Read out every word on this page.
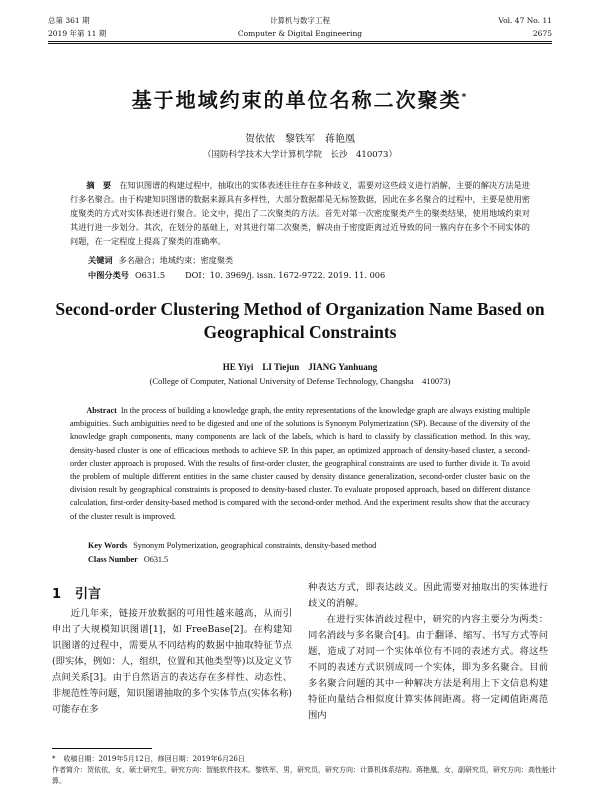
总第 361 期	计算机与数字工程	Vol. 47 No. 11
2019 年第 11 期	Computer & Digital Engineering	2675
基于地域约束的单位名称二次聚类*
贺依依　黎铁军　蒋艳凰
（国防科学技术大学计算机学院　长沙　410073）
摘　要　 在知识图谱的构建过程中，抽取出的实体表述往往存在多种歧义，需要对这些歧义进行消解，主要的解决方法是进行多名聚合。由于构建知识图谱的数据来源具有多样性，大部分数据都是无标签数据，因此在多名聚合的过程中，主要是使用密度聚类的方式对实体表述进行聚合。论文中，提出了二次聚类的方法。首先对第一次密度聚类产生的聚类结果，使用地域约束对其进行进一步划分。其次，在划分的基础上，对其进行第二次聚类，解决由于密度距离过近导致的同一簇内存在多个不同实体的问题，在一定程度上提高了聚类的准确率。
关键词 多名融合；地域约束；密度聚类
中图分类号 O631.5 DOI：10. 3969/j. issn. 1672-9722. 2019. 11. 006
Second-order Clustering Method of Organization Name Based on Geographical Constraints
HE Yiyi　LI Tiejun　JIANG Yanhuang
(College of Computer, National University of Defense Technology, Changsha　410073)
Abstract In the process of building a knowledge graph, the entity representations of the knowledge graph are always existing multiple ambiguities. Such ambiguities need to be digested and one of the solutions is Synonym Polymerization (SP). Because of the diversity of the knowledge graph components, many components are lack of the labels, which is hard to classify by classification method. In this way, density-based cluster is one of efficacious methods to achieve SP. In this paper, an optimized approach of density-based cluster, a second-order cluster approach is proposed. With the results of first-order cluster, the geographical constraints are used to further divide it. To avoid the problem of multiple different entities in the same cluster caused by density distance generalization, second-order cluster basic on the division result by geographical constraints is proposed to density-based cluster. To evaluate proposed approach, based on different distance calculation, first-order density-based method is compared with the second-order method. And the experiment results show that the accuracy of the cluster result is improved.
Key Words Synonym Polymerization, geographical constraints, density-based method
Class Number O631.5
1 引言
近几年来，链接开放数据的可用性越来越高，从而引申出了大规模知识图谱[1]，如 FreeBase[2]。在构建知识图谱的过程中，需要从不同结构的数据中抽取特征节点(即实体，例如：人，组织，位置和其他类型等)以及定义节点间关系[3]。由于自然语言的表达存在多样性、动态性、非规范性等问题，知识图谱抽取的多个实体节点(实体名称)可能存在多

种表达方式，即表达歧义。因此需要对抽取出的实体进行歧义的消解。

在进行实体消歧过程中，研究的内容主要分为两类：同名消歧与多名聚合[4]。由于翻译、缩写、书写方式等问题，造成了对同一个实体单位有不同的表述方式。将这些不同的表述方式识别成同一个实体，即为多名聚合。目前多名聚合问题的其中一种解决方法是利用上下文信息构建特征向量结合相似度计算实体间距离。将一定阈值距离范围内

* 收稿日期：2019年5月12日，修回日期：2019年6月26日
作者简介：贺依依，女，硕士研究生，研究方向：智能软件技术。黎铁军，男，研究员，研究方向：计算机体系结构。蒋艳凰，女，副研究员，研究方向：高性能计算。
